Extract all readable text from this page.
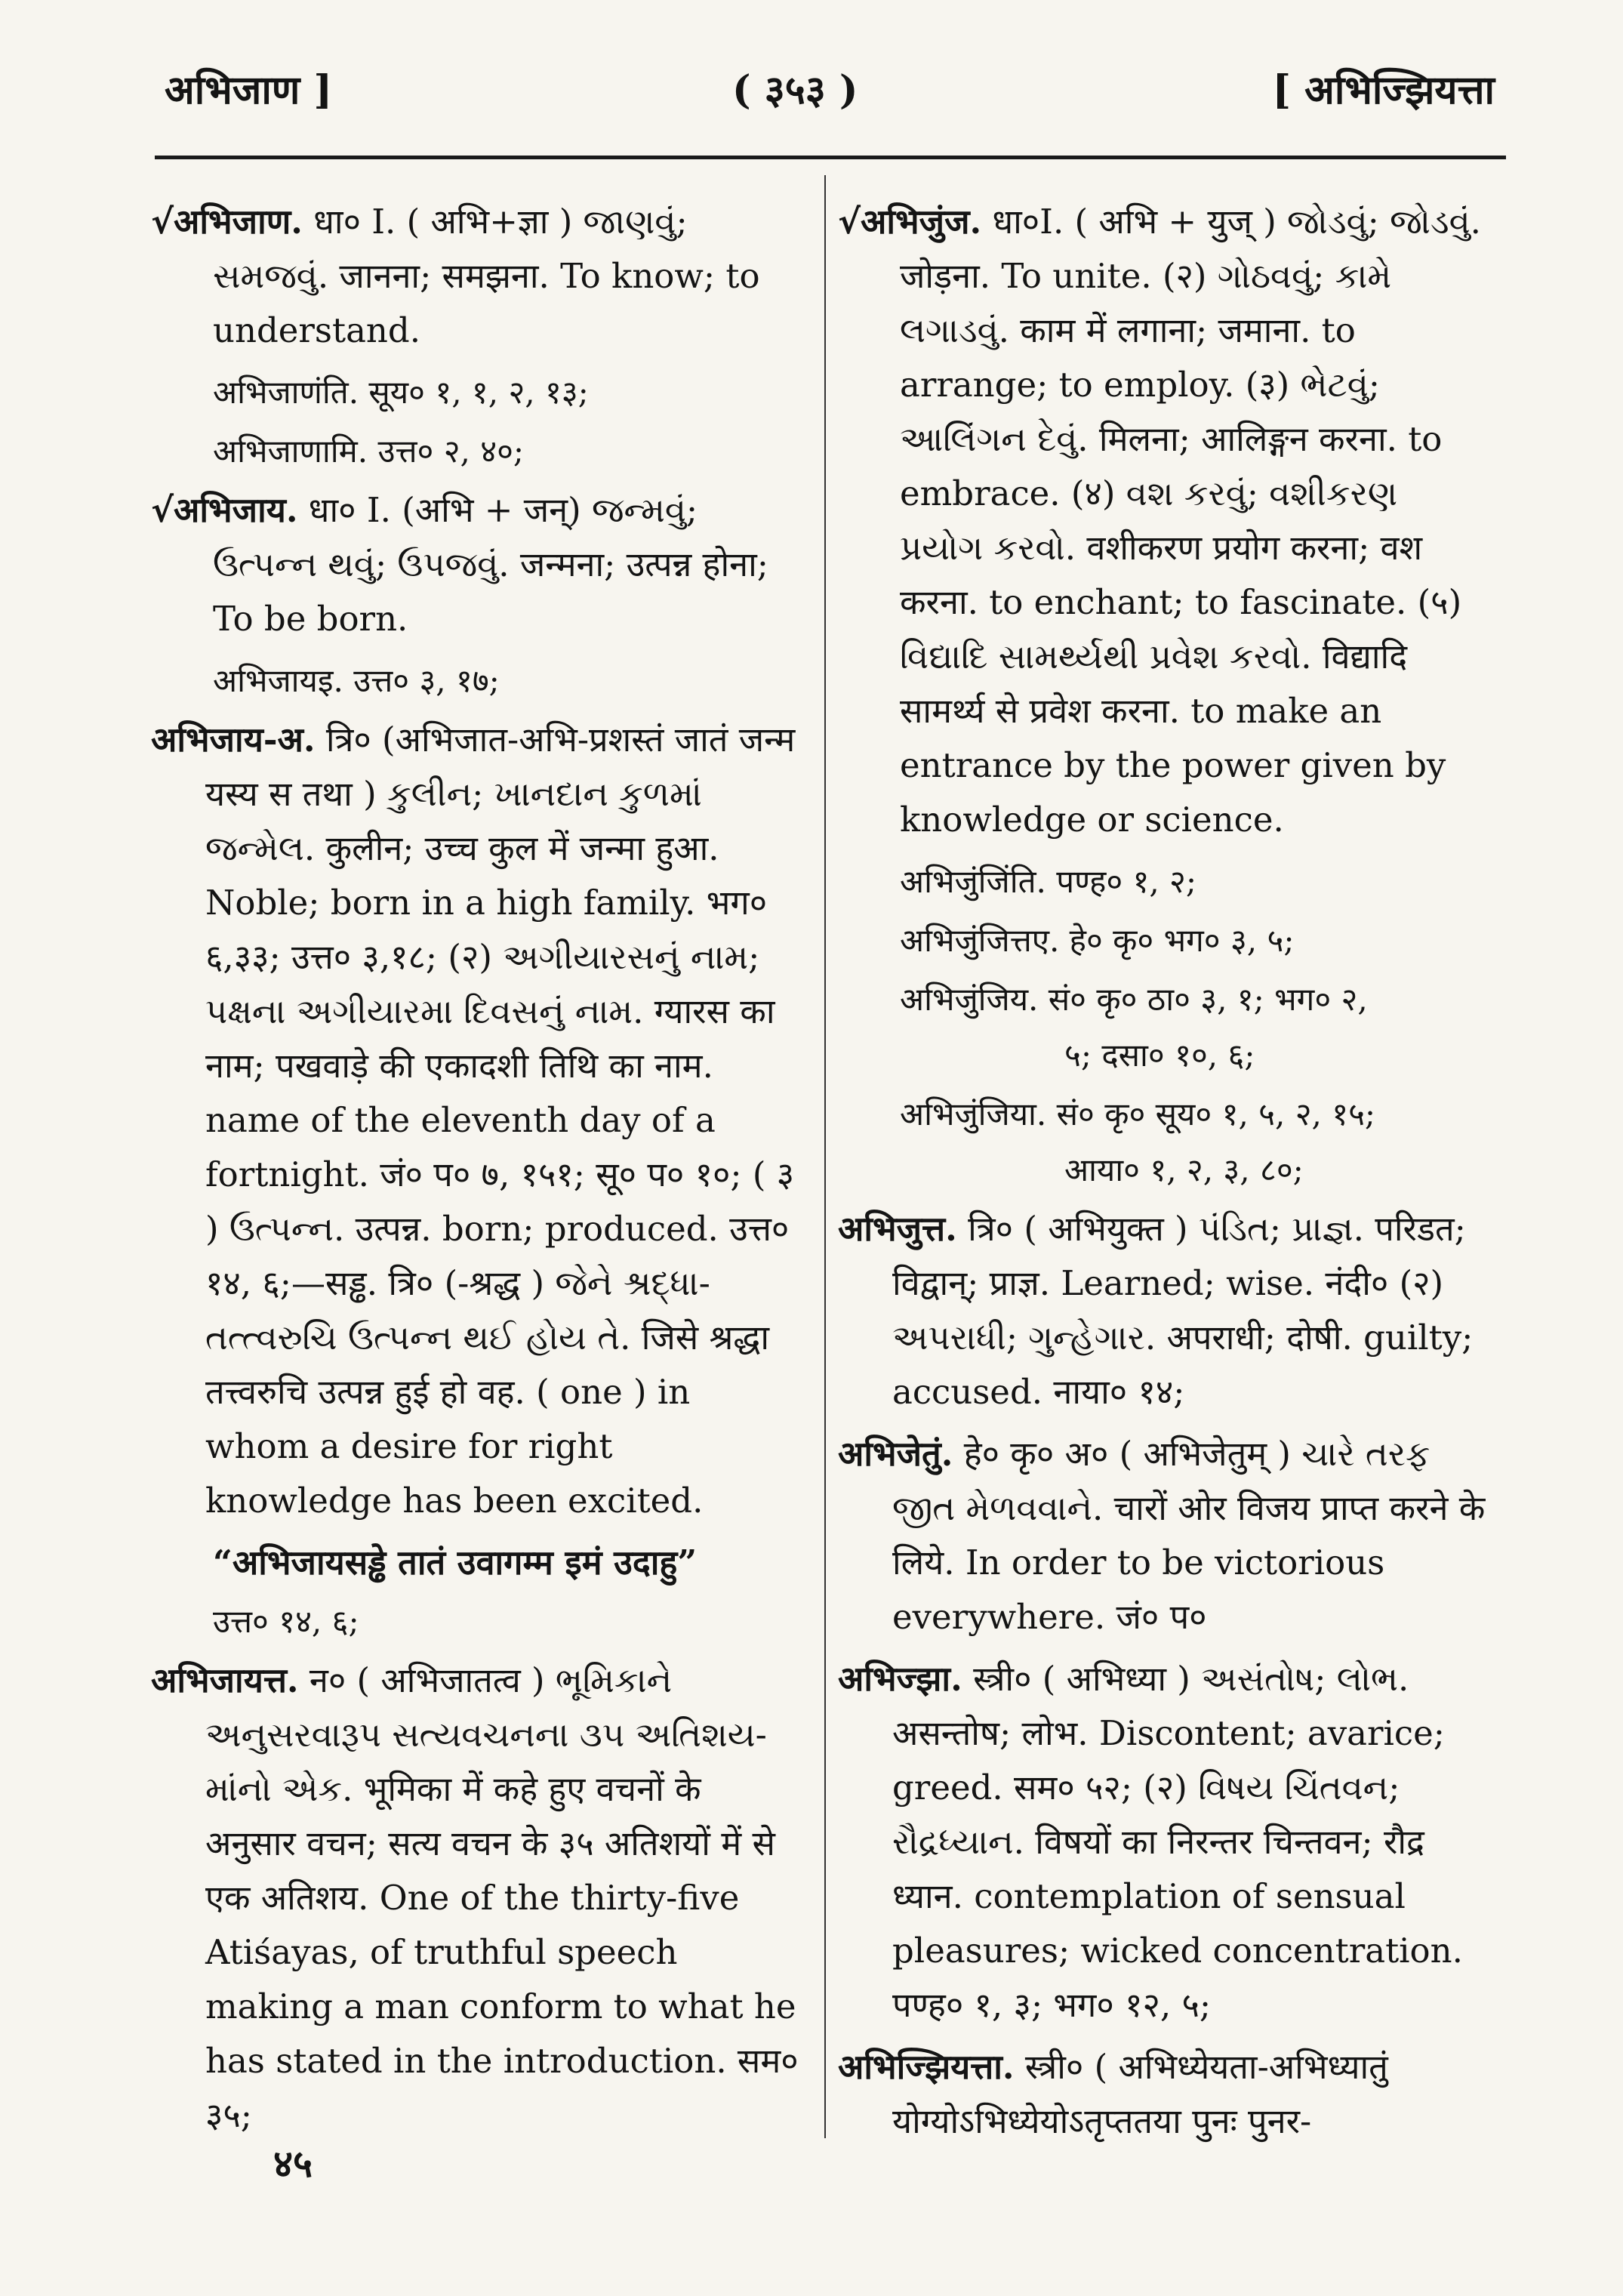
अभिजाण ]	( ३५३ )	[ अभिज्झियत्ता
√अभिजाण. धा० I. ( अभि+ज्ञा ) જાણવું; સમજવું. जानना; समझना. To know; to understand.
अभिजाणंति. सूय० १, १, २, १३;
अभिजाणामि. उत्त० २, ४०;
√अभिजाय. धा० I. (अभि + जन्) જન્મવું; ઉત્પન્ન થવું; ઉપજવું. जन्मना; उत्पन्न होना; To be born.
अभिजायइ. उत्त० ३, १७;
अभिजाय-अ. त्रि० (अभिजात-अभि-प्रशस्तं जातं जन्म यस्य स तथा ) કુલીન; ખાનદાન કુળમાં જન્મેલ. कुलीन; उच्च कुल में जन्मा हुआ. Noble; born in a high family. भग० ६,३३; उत्त० ३,१८; (२) અગીયારસનું નામ; પક્ષના અગીયારમા દિવસનું નામ. ग्यारस का नाम; पखवाड़े की एकादशी तिथि का नाम. name of the eleventh day of a fortnight. जं० प० ७, १५१; सू० प० १०; ( ३ ) ઉત્પન્ન. उत्पन्न. born; produced. उत्त० १४, ६;—सड्ढ. त्रि० (-श्रद्ध ) જેને શ્રદ્ધા-તત્ત્વરુચિ ઉત્પન્ન થઈ હોય તે. जिसे श्रद्धा तत्त्वरुचि उत्पन्न हुई हो वह. ( one ) in whom a desire for right knowledge has been excited.
“अभिजायसड्ढे तातं उवागम्म इमं उदाहु”
उत्त० १४, ६;
अभिजायत्त. न० ( अभिजातत्व ) ભૂમિકાને અનુસરવારૂપ સત્યવચનના ૩૫ અતિશય- માંનો એક. भूमिका में कहे हुए वचनों के अनुसार वचन; सत्य वचन के ३५ अतिशयों में से एक अतिशय. One of the thirty-five Atiśayas, of truthful speech making a man conform to what he has stated in the introduction. सम० ३५;
√अभिजुंज. धा०I. ( अभि + युज् ) જોડવું; જોડવું. जोड़ना. To unite. (२) ગોઠવવું; કામે લગાડવું. काम में लगाना; जमाना. to arrange; to employ. (३) ભેટવું; આલિંગન દેવું. मिलना; आलिङ्गन करना. to embrace. (४) વશ કરવું; વશીકરણ પ્રયોગ કરવો. वशीकरण प्रयोग करना; वश करना. to enchant; to fascinate. (५) વિદ્યાદિ સામર્થ્યથી પ્રવેશ કરવો. विद्यादि सामर्थ्य से प्रवेश करना. to make an entrance by the power given by knowledge or science.
अभिजुंजिंति. पण्ह० १, २;
अभिजुंजित्तए. हे० कृ० भग० ३, ५;
अभिजुंजिय. सं० कृ० ठा० ३, १; भग० २,
५; दसा० १०, ६;
अभिजुंजिया. सं० कृ० सूय० १, ५, २, १५;
आया० १, २, ३, ८०;
अभिजुत्त. त्रि० ( अभियुक्त ) પંડિત; પ્રાજ્ઞ. परिडत; विद्वान्; प्राज्ञ. Learned; wise. नंदी० (२) અપરાધી; ગુન્હેગાર. अपराधी; दोषी. guilty; accused. नाया० १४;
अभिजेतुं. हे० कृ० अ० ( अभिजेतुम् ) ચારે તરફ જીત મેળવવાને. चारों ओर विजय प्राप्त करने के लिये. In order to be victorious everywhere. जं० प०
अभिज्झा. स्त्री० ( अभिध्या ) અસંતોષ; લોભ. असन्तोष; लोभ. Discontent; avarice; greed. सम० ५२; (२) વિષય ચિંતવન; રૌદ્રધ્યાન. विषयों का निरन्तर चिन्तवन; रौद्र ध्यान. contemplation of sensual pleasures; wicked concentration. पण्ह० १, ३; भग० १२, ५;
अभिज्झियत्ता. स्त्री० ( अभिध्येयता-अभिध्यातुं योग्योऽभिध्येयोऽतृप्ततया पुनः पुनर-
४५
